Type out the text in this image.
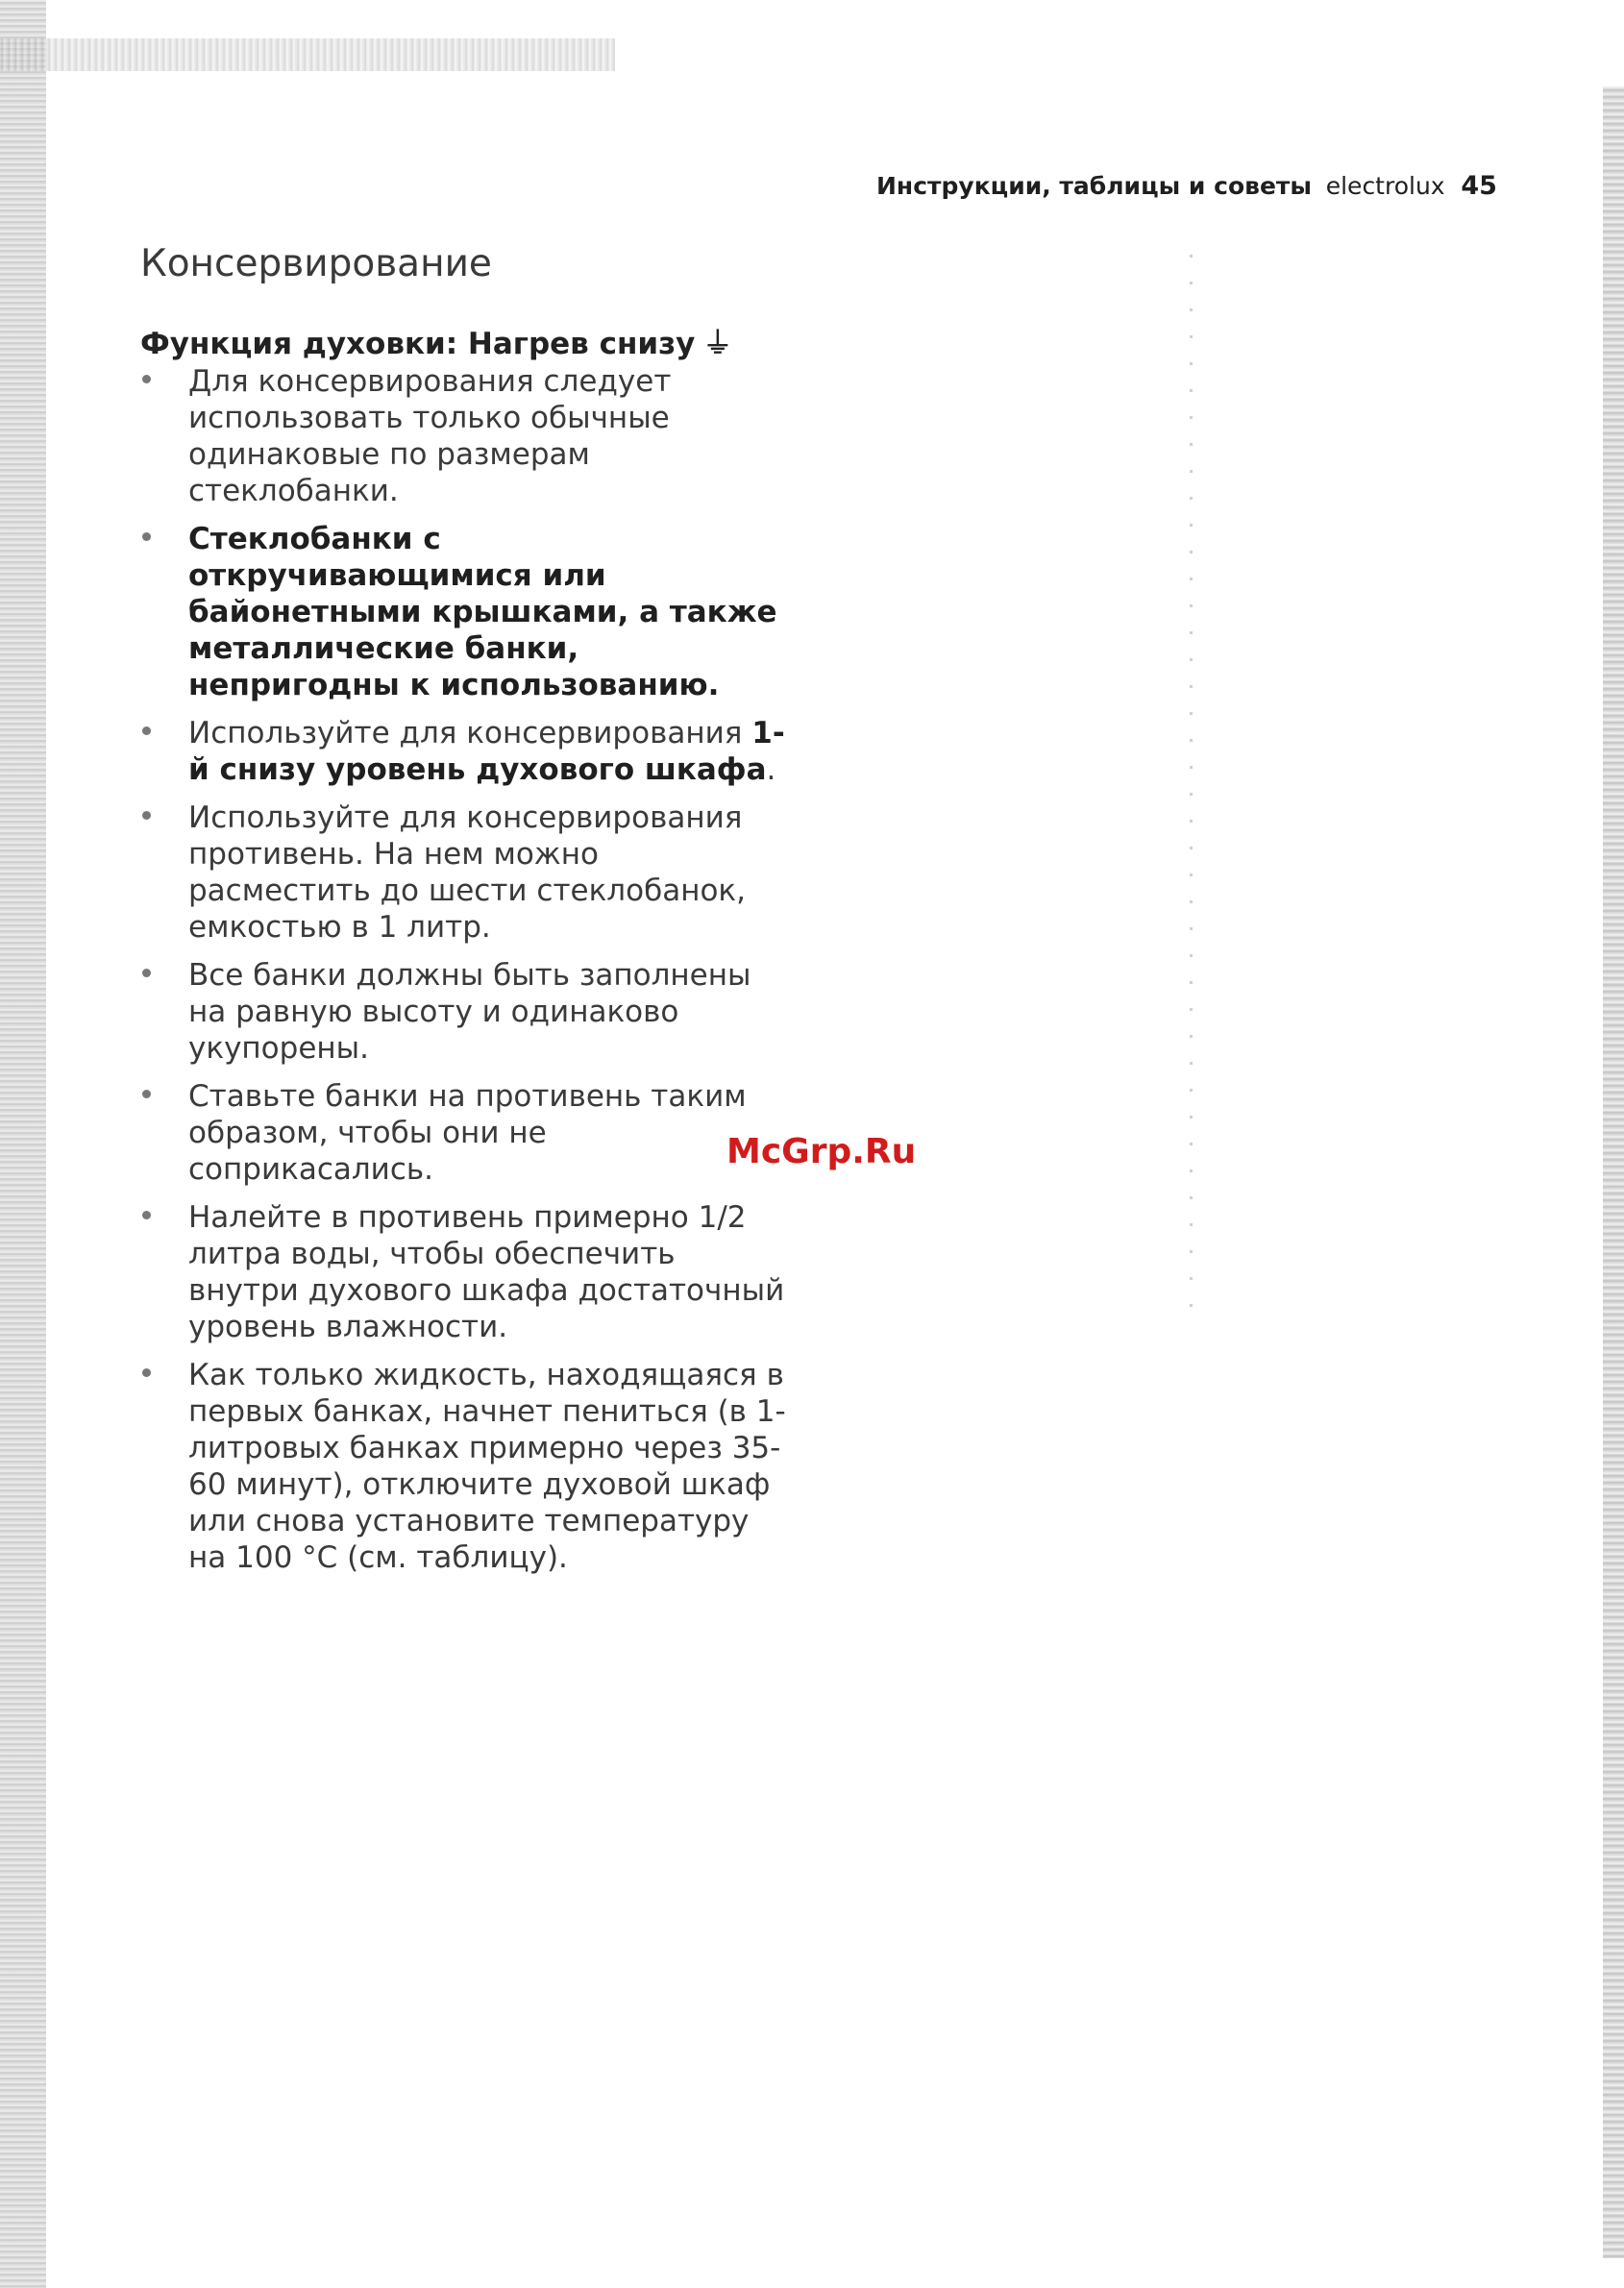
Инструкции, таблицы и советы electrolux 45
Консервирование
Функция духовки: Нагрев снизу ⏚
Для консервирования следует использовать только обычные одинаковые по размерам стеклобанки.
Стеклобанки с откручивающимися или байонетными крышками, а также металлические банки, непригодны к использованию.
Используйте для консервирования 1-й снизу уровень духового шкафа.
Используйте для консервирования противень. На нем можно расместить до шести стеклобанок, емкостью в 1 литр.
Все банки должны быть заполнены на равную высоту и одинаково укупорены.
Ставьте банки на противень таким образом, чтобы они не соприкасались.
Налейте в противень примерно 1/2 литра воды, чтобы обеспечить внутри духового шкафа достаточный уровень влажности.
Как только жидкость, находящаяся в первых банках, начнет пениться (в 1-литровых банках примерно через 35-60 минут), отключите духовой шкаф или снова установите температуру на 100 °C (см. таблицу).
McGrp.Ru
